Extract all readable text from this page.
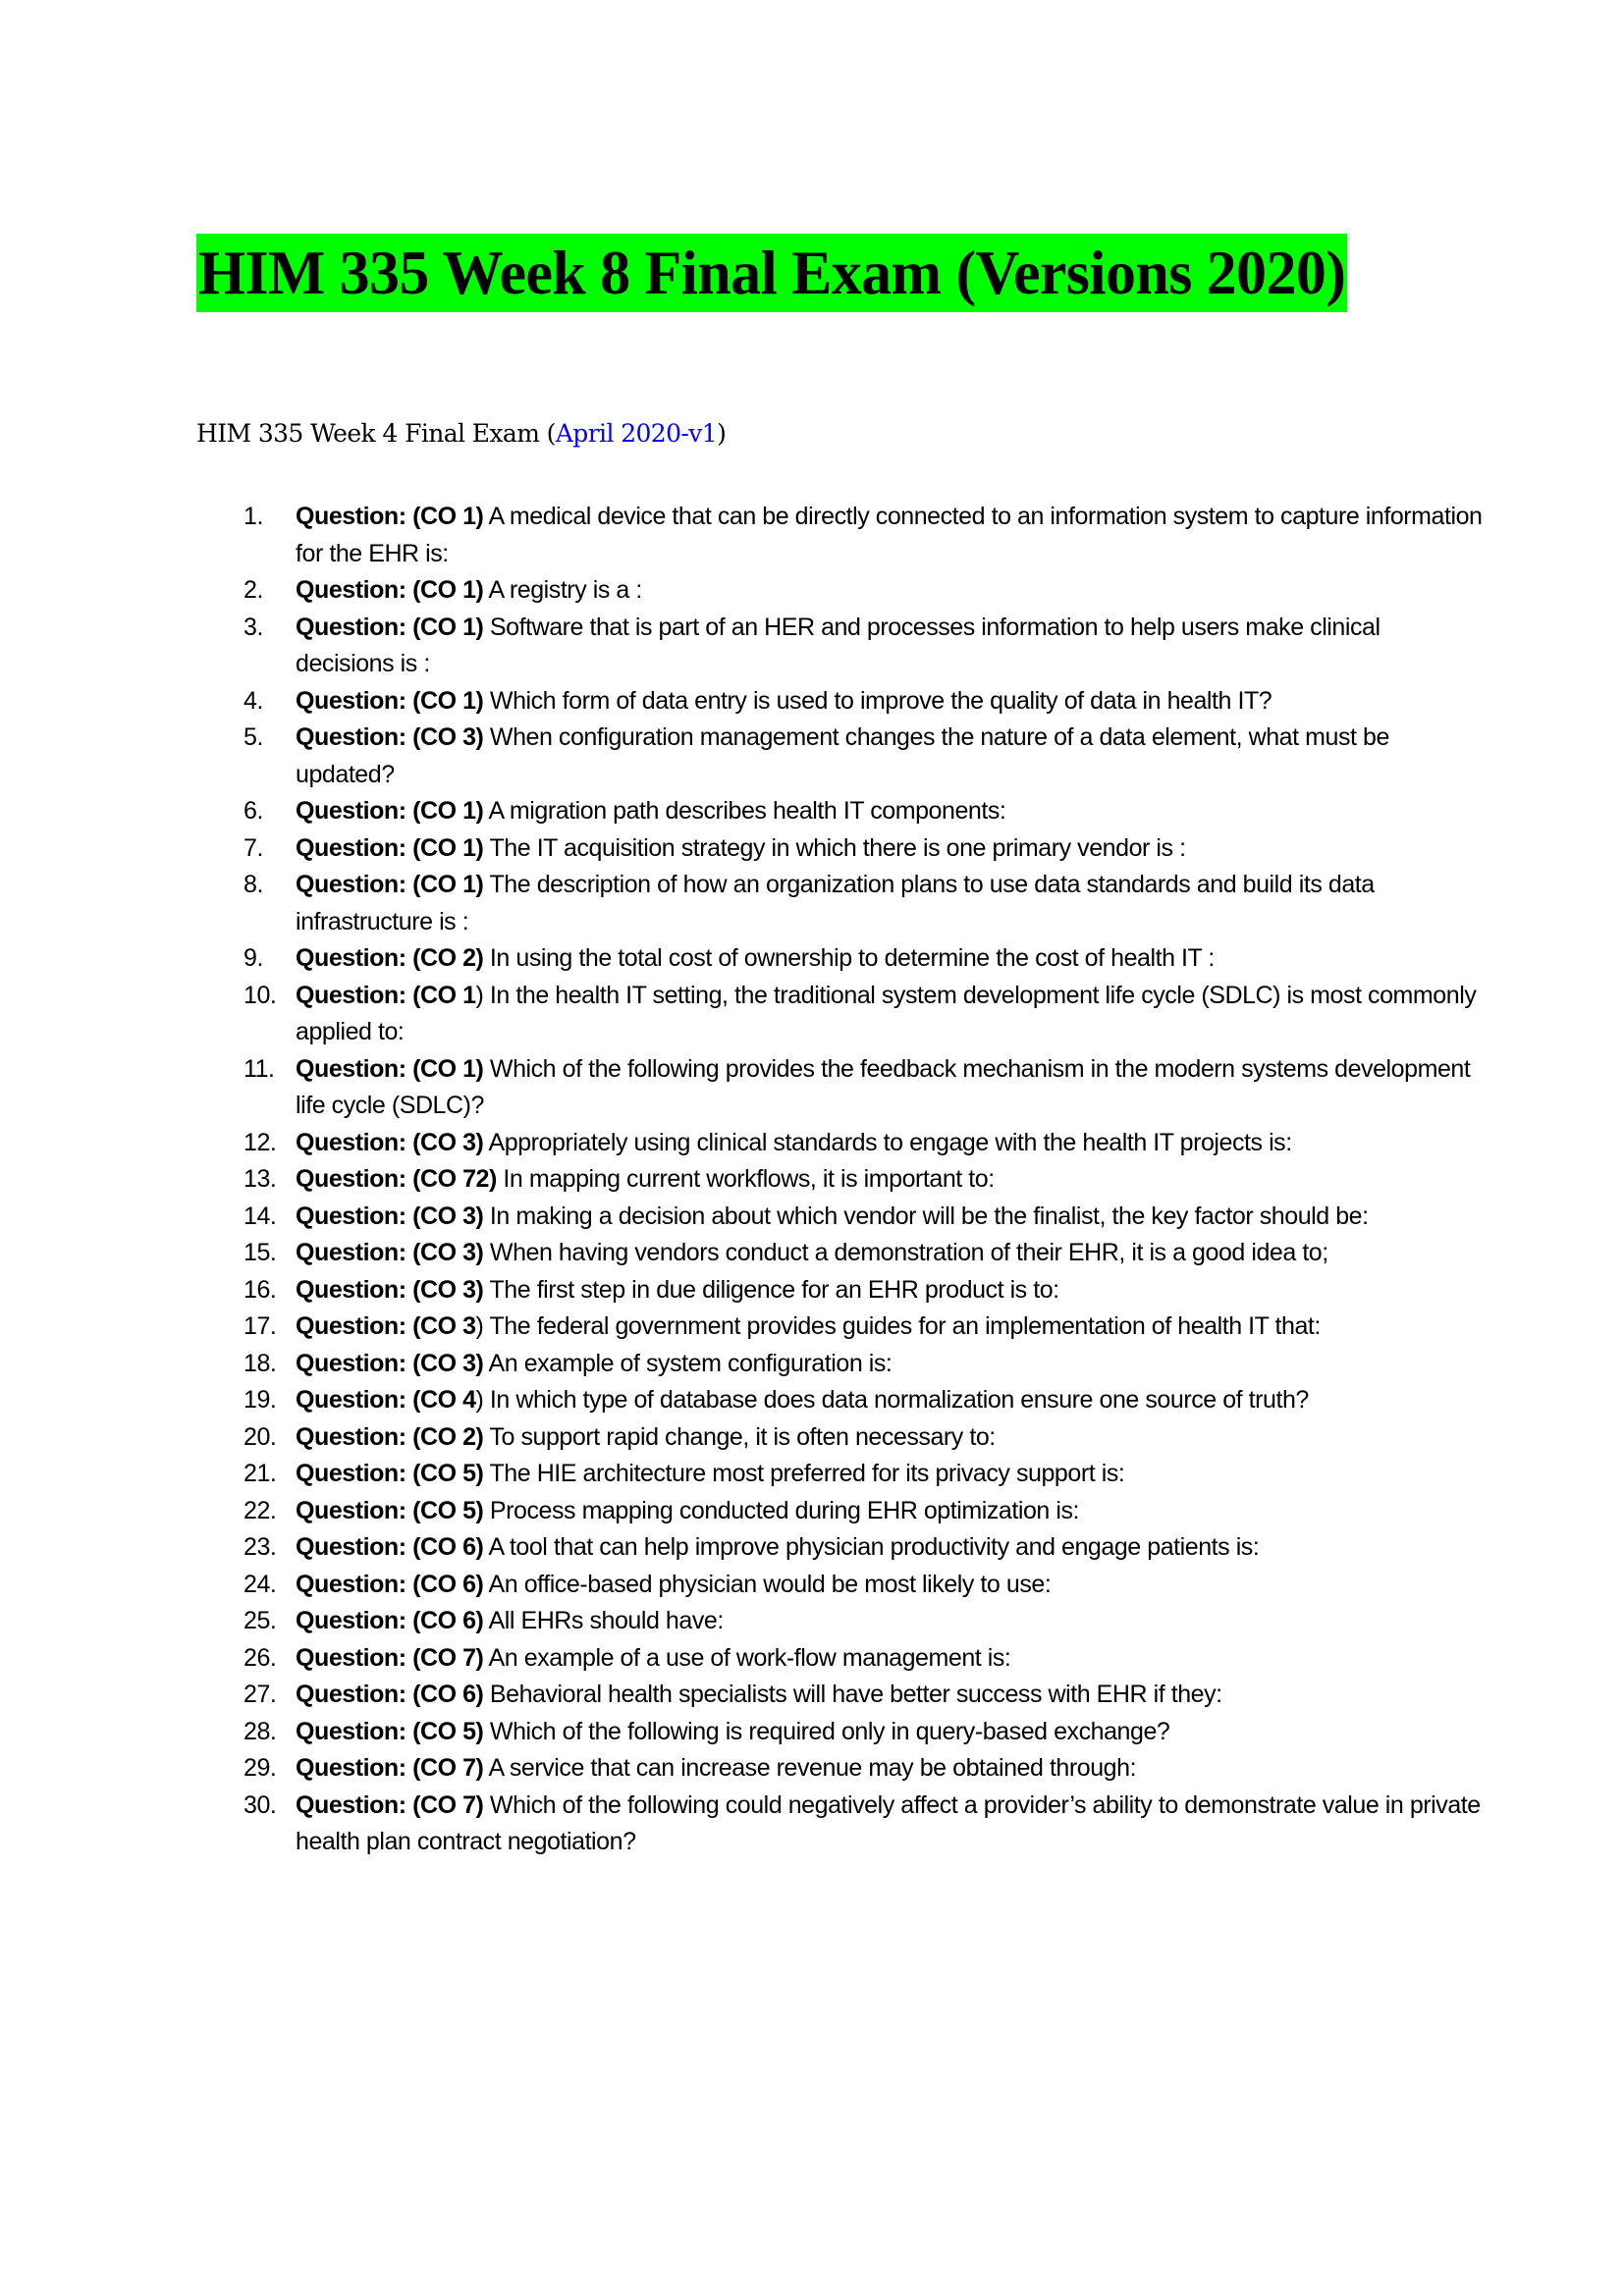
HIM 335 Week 8 Final Exam (Versions 2020)
HIM 335 Week 4 Final Exam (April 2020-v1)
1. Question: (CO 1) A medical device that can be directly connected to an information system to capture information for the EHR is:
2. Question: (CO 1) A registry is a :
3. Question: (CO 1) Software that is part of an HER and processes information to help users make clinical decisions is :
4. Question: (CO 1) Which form of data entry is used to improve the quality of data in health IT?
5. Question: (CO 3) When configuration management changes the nature of a data element, what must be updated?
6. Question: (CO 1) A migration path describes health IT components:
7. Question: (CO 1) The IT acquisition strategy in which there is one primary vendor is :
8. Question: (CO 1) The description of how an organization plans to use data standards and build its data infrastructure is :
9. Question: (CO 2) In using the total cost of ownership to determine the cost of health IT :
10. Question: (CO 1) In the health IT setting, the traditional system development life cycle (SDLC) is most commonly applied to:
11. Question: (CO 1) Which of the following provides the feedback mechanism in the modern systems development life cycle (SDLC)?
12. Question: (CO 3) Appropriately using clinical standards to engage with the health IT projects is:
13. Question: (CO 72) In mapping current workflows, it is important to:
14. Question: (CO 3) In making a decision about which vendor will be the finalist, the key factor should be:
15. Question: (CO 3) When having vendors conduct a demonstration of their EHR, it is a good idea to;
16. Question: (CO 3) The first step in due diligence for an EHR product is to:
17. Question: (CO 3) The federal government provides guides for an implementation of health IT that:
18. Question: (CO 3) An example of system configuration is:
19. Question: (CO 4) In which type of database does data normalization ensure one source of truth?
20. Question: (CO 2) To support rapid change, it is often necessary to:
21. Question: (CO 5) The HIE architecture most preferred for its privacy support is:
22. Question: (CO 5) Process mapping conducted during EHR optimization is:
23. Question: (CO 6) A tool that can help improve physician productivity and engage patients is:
24. Question: (CO 6) An office-based physician would be most likely to use:
25. Question: (CO 6) All EHRs should have:
26. Question: (CO 7) An example of a use of work-flow management is:
27. Question: (CO 6) Behavioral health specialists will have better success with EHR if they:
28. Question: (CO 5) Which of the following is required only in query-based exchange?
29. Question: (CO 7) A service that can increase revenue may be obtained through:
30. Question: (CO 7) Which of the following could negatively affect a provider’s ability to demonstrate value in private health plan contract negotiation?
